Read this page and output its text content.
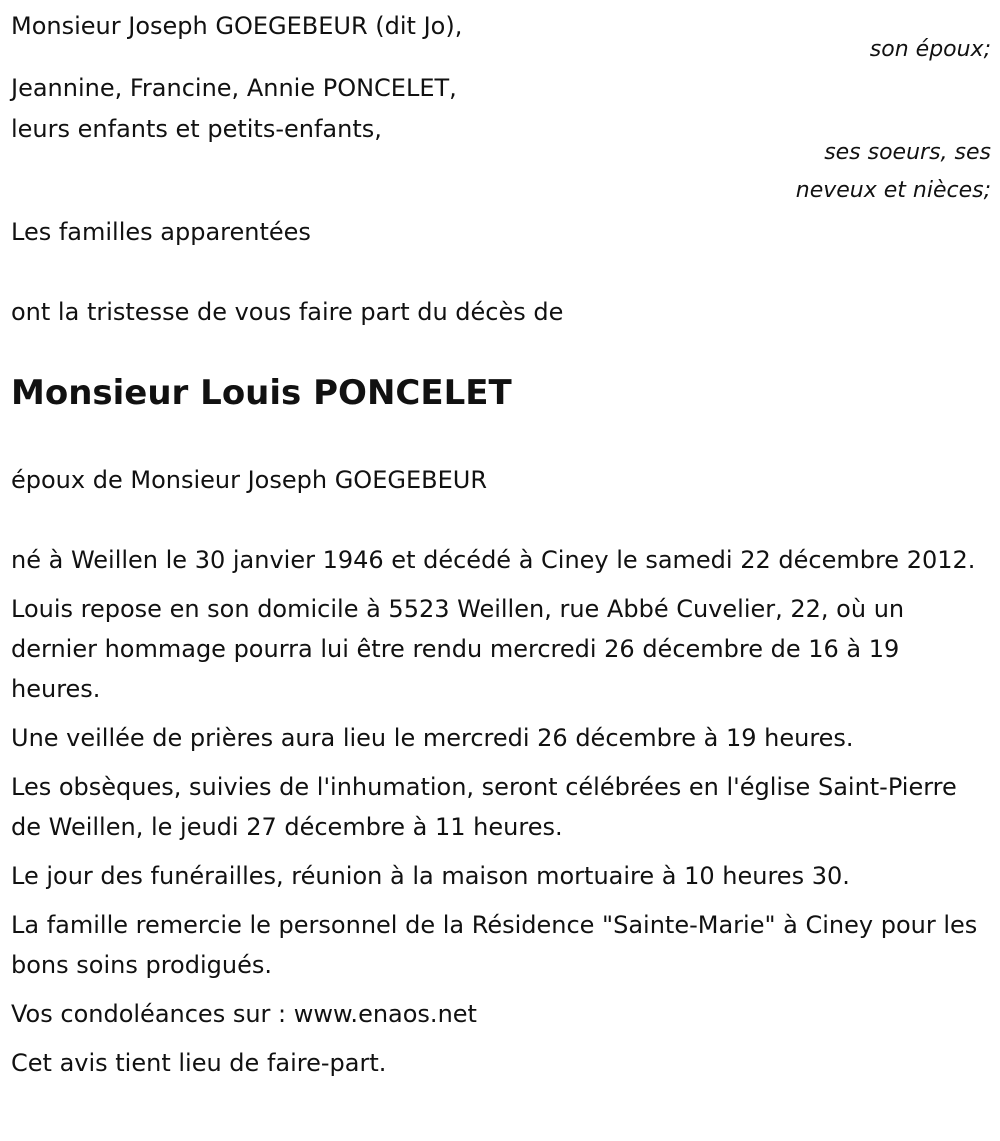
Monsieur Joseph GOEGEBEUR (dit Jo),
son époux;
Jeannine, Francine, Annie PONCELET,
leurs enfants et petits-enfants,
ses soeurs, ses
neveux et nièces;
Les familles apparentées
ont la tristesse de vous faire part du décès de
Monsieur Louis PONCELET
époux de Monsieur Joseph GOEGEBEUR

né à Weillen le 30 janvier 1946 et décédé à Ciney le samedi 22 décembre 2012.

Louis repose en son domicile à 5523 Weillen, rue Abbé Cuvelier, 22, où un dernier hommage pourra lui être rendu mercredi 26 décembre de 16 à 19 heures.

Une veillée de prières aura lieu le mercredi 26 décembre à 19 heures.

Les obsèques, suivies de l'inhumation, seront célébrées en l'église Saint-Pierre de Weillen, le jeudi 27 décembre à 11 heures.

Le jour des funérailles, réunion à la maison mortuaire à 10 heures 30.

La famille remercie le personnel de la Résidence "Sainte-Marie" à Ciney pour les bons soins prodigués.

Vos condoléances sur : www.enaos.net

Cet avis tient lieu de faire-part.
